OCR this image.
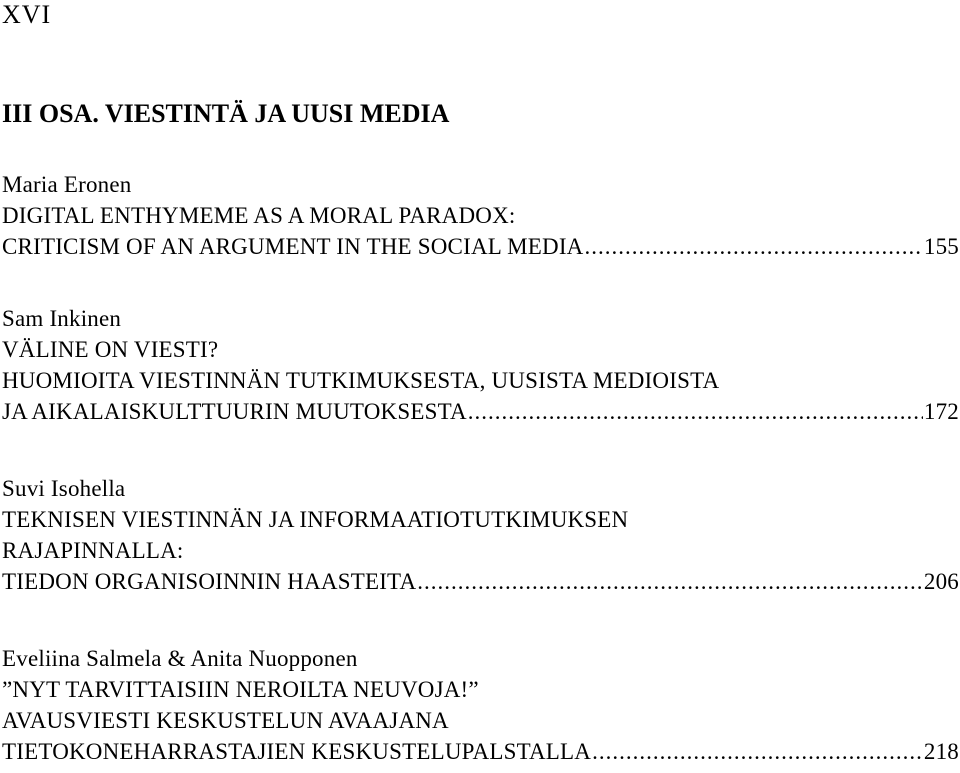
XVI
III OSA. VIESTINTÄ JA UUSI MEDIA
Maria Eronen
DIGITAL ENTHYMEME AS A MORAL PARADOX:
CRITICISM OF AN ARGUMENT IN THE SOCIAL MEDIA .....	155
Sam Inkinen
VÄLINE ON VIESTI?
HUOMIOITA VIESTINNÄN TUTKIMUKSESTA, UUSISTA MEDIOISTA
JA AIKALAISKULTTUURIN MUUTOKSESTA .....	172
Suvi Isohella
TEKNISEN VIESTINNÄN JA INFORMAATIOTUTKIMUKSEN
RAJAPINNALLA:
TIEDON ORGANISOINNIN HAASTEITA .....	206
Eveliina Salmela & Anita Nuopponen
”NYT TARVITTAISIIN NEROILTA NEUVOJA!”
AVAUSVIESTI KESKUSTELUN AVAAJANA
TIETOKONEHARRASTAJIEN KESKUSTELUPALSTALLA .....	218
